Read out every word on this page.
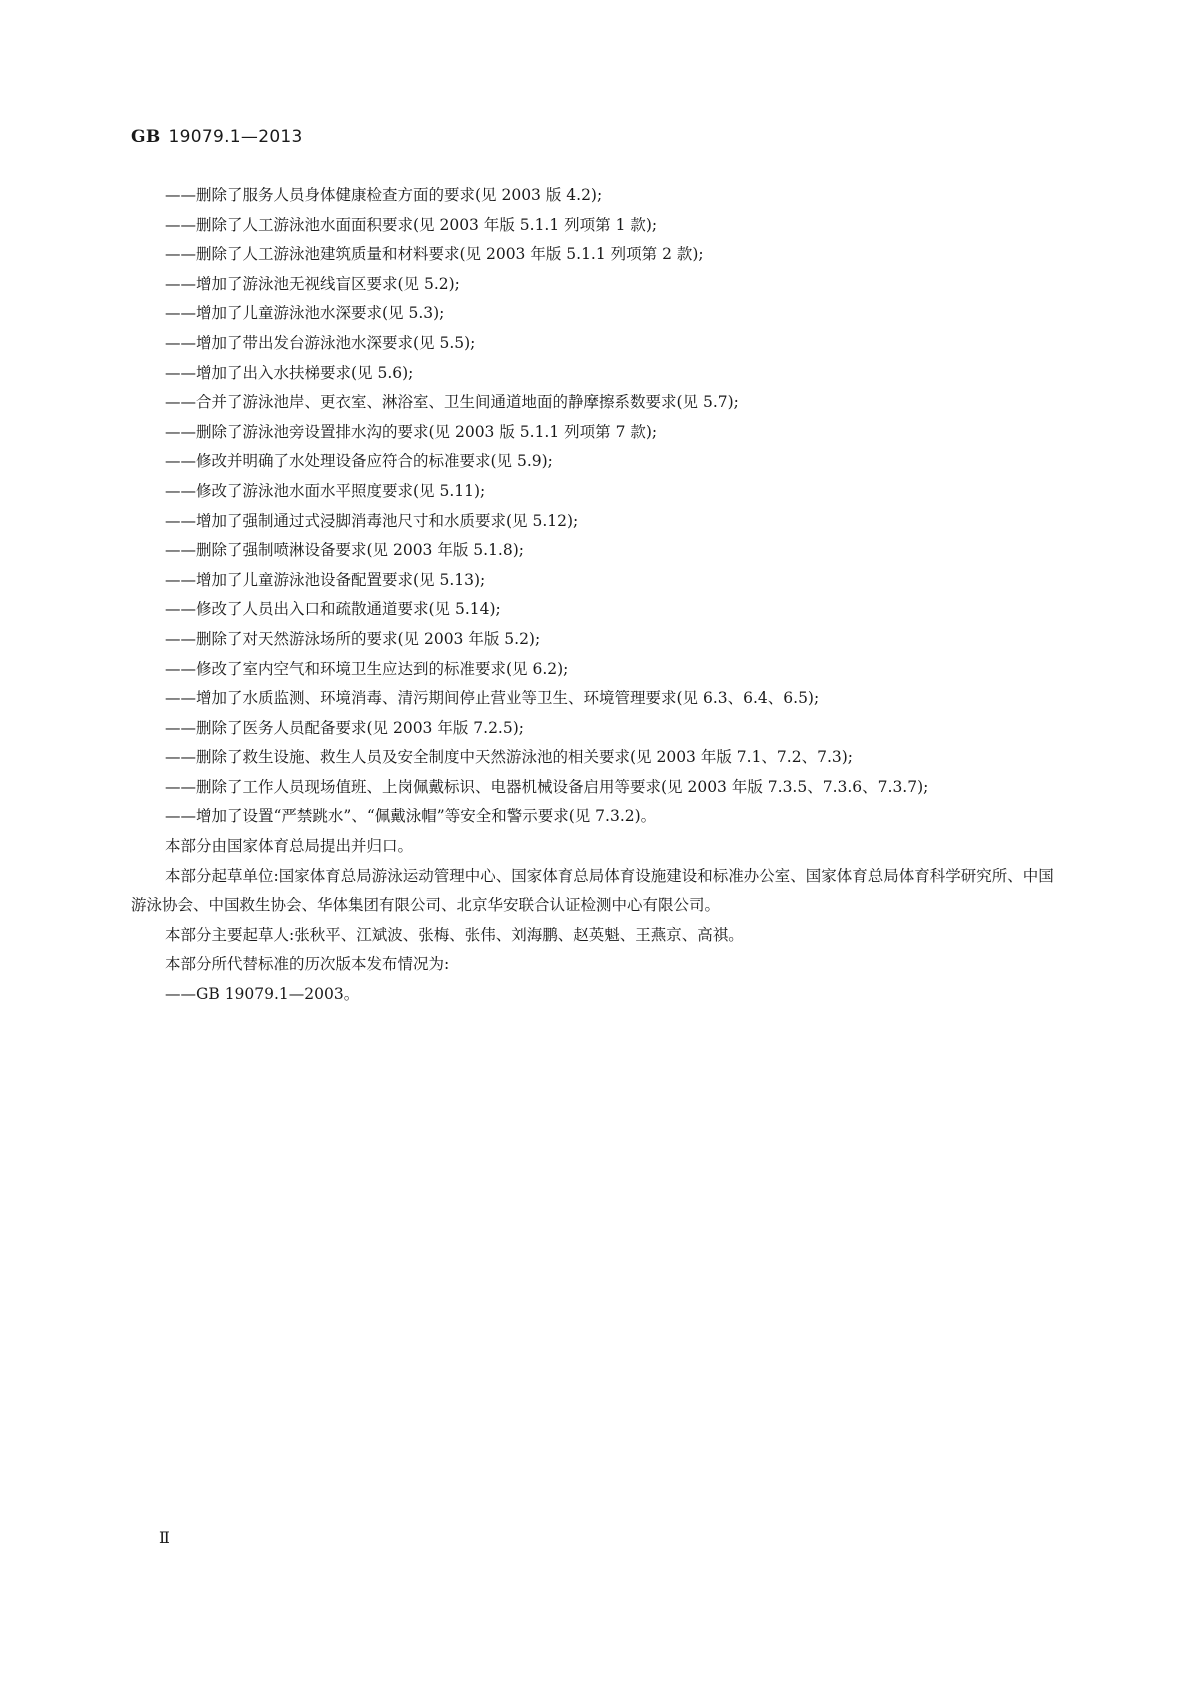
GB 19079.1—2013
——删除了服务人员身体健康检查方面的要求(见 2003 版 4.2);
——删除了人工游泳池水面面积要求(见 2003 年版 5.1.1 列项第 1 款);
——删除了人工游泳池建筑质量和材料要求(见 2003 年版 5.1.1 列项第 2 款);
——增加了游泳池无视线盲区要求(见 5.2);
——增加了儿童游泳池水深要求(见 5.3);
——增加了带出发台游泳池水深要求(见 5.5);
——增加了出入水扶梯要求(见 5.6);
——合并了游泳池岸、更衣室、淋浴室、卫生间通道地面的静摩擦系数要求(见 5.7);
——删除了游泳池旁设置排水沟的要求(见 2003 版 5.1.1 列项第 7 款);
——修改并明确了水处理设备应符合的标准要求(见 5.9);
——修改了游泳池水面水平照度要求(见 5.11);
——增加了强制通过式浸脚消毒池尺寸和水质要求(见 5.12);
——删除了强制喷淋设备要求(见 2003 年版 5.1.8);
——增加了儿童游泳池设备配置要求(见 5.13);
——修改了人员出入口和疏散通道要求(见 5.14);
——删除了对天然游泳场所的要求(见 2003 年版 5.2);
——修改了室内空气和环境卫生应达到的标准要求(见 6.2);
——增加了水质监测、环境消毒、清污期间停止营业等卫生、环境管理要求(见 6.3、6.4、6.5);
——删除了医务人员配备要求(见 2003 年版 7.2.5);
——删除了救生设施、救生人员及安全制度中天然游泳池的相关要求(见 2003 年版 7.1、7.2、7.3);
——删除了工作人员现场值班、上岗佩戴标识、电器机械设备启用等要求(见 2003 年版 7.3.5、7.3.6、7.3.7);
——增加了设置“严禁跳水”、“佩戴泳帽”等安全和警示要求(见 7.3.2)。
本部分由国家体育总局提出并归口。
本部分起草单位:国家体育总局游泳运动管理中心、国家体育总局体育设施建设和标准办公室、国家体育总局体育科学研究所、中国游泳协会、中国救生协会、华体集团有限公司、北京华安联合认证检测中心有限公司。
本部分主要起草人:张秋平、江斌波、张梅、张伟、刘海鹏、赵英魁、王燕京、高祺。
本部分所代替标准的历次版本发布情况为:
——GB 19079.1—2003。
Ⅱ
